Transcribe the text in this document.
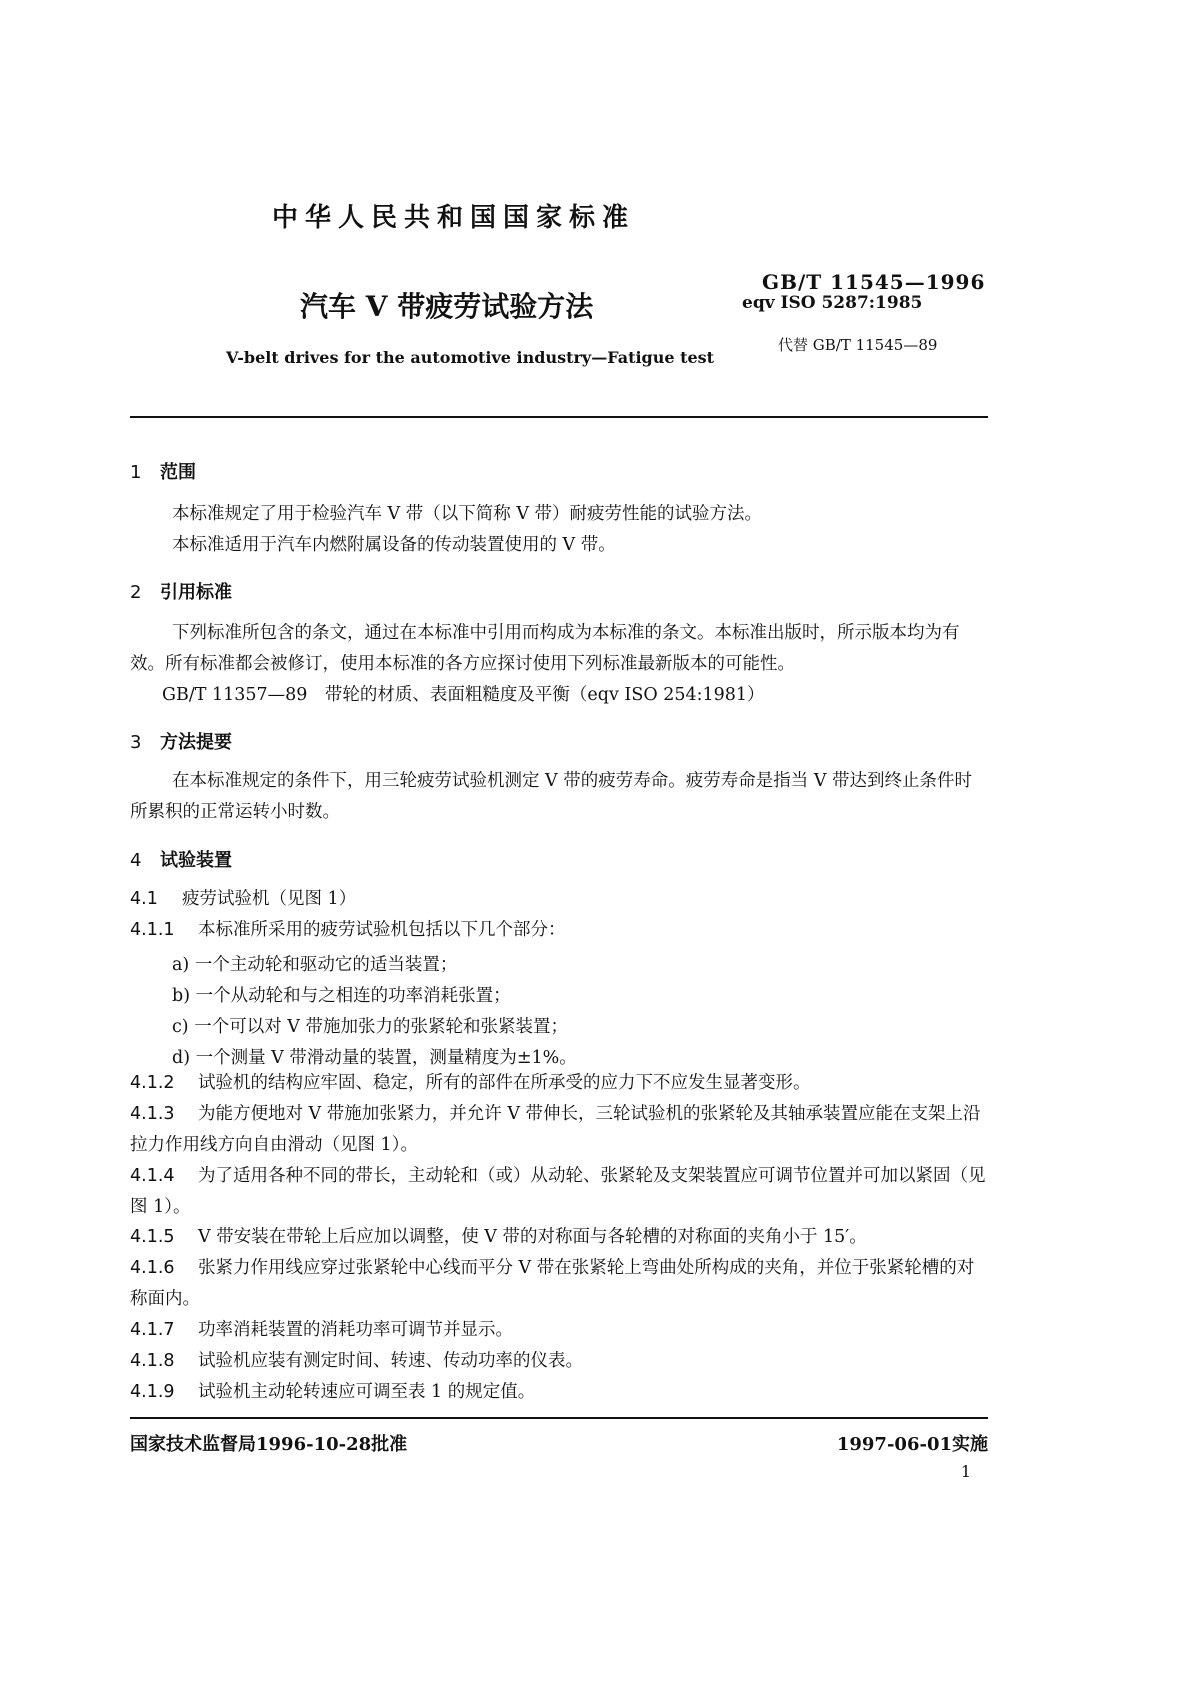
中华人民共和国国家标准
汽车 V 带疲劳试验方法
GB/T 11545—1996
eqv ISO 5287:1985
代替 GB/T 11545—89
V-belt drives for the automotive industry—Fatigue test
1 范围
本标准规定了用于检验汽车 V 带（以下简称 V 带）耐疲劳性能的试验方法。
本标准适用于汽车内燃附属设备的传动装置使用的 V 带。
2 引用标准
下列标准所包含的条文，通过在本标准中引用而构成为本标准的条文。本标准出版时，所示版本均为有效。所有标准都会被修订，使用本标准的各方应探讨使用下列标准最新版本的可能性。
GB/T 11357—89　带轮的材质、表面粗糙度及平衡（eqv ISO 254:1981）
3 方法提要
在本标准规定的条件下，用三轮疲劳试验机测定 V 带的疲劳寿命。疲劳寿命是指当 V 带达到终止条件时所累积的正常运转小时数。
4 试验装置
4.1 疲劳试验机（见图 1）
4.1.1 本标准所采用的疲劳试验机包括以下几个部分：
a) 一个主动轮和驱动它的适当装置；
b) 一个从动轮和与之相连的功率消耗张置；
c) 一个可以对 V 带施加张力的张紧轮和张紧装置；
d) 一个测量 V 带滑动量的装置，测量精度为±1%。
4.1.2 试验机的结构应牢固、稳定，所有的部件在所承受的应力下不应发生显著变形。
4.1.3 为能方便地对 V 带施加张紧力，并允许 V 带伸长，三轮试验机的张紧轮及其轴承装置应能在支架上沿拉力作用线方向自由滑动（见图 1）。
4.1.4 为了适用各种不同的带长，主动轮和（或）从动轮、张紧轮及支架装置应可调节位置并可加以紧固（见图 1）。
4.1.5 V 带安装在带轮上后应加以调整，使 V 带的对称面与各轮槽的对称面的夹角小于 15′。
4.1.6 张紧力作用线应穿过张紧轮中心线而平分 V 带在张紧轮上弯曲处所构成的夹角，并位于张紧轮槽的对称面内。
4.1.7 功率消耗装置的消耗功率可调节并显示。
4.1.8 试验机应装有测定时间、转速、传动功率的仪表。
4.1.9 试验机主动轮转速应可调至表 1 的规定值。
国家技术监督局1996-10-28批准	1997-06-01实施
1
